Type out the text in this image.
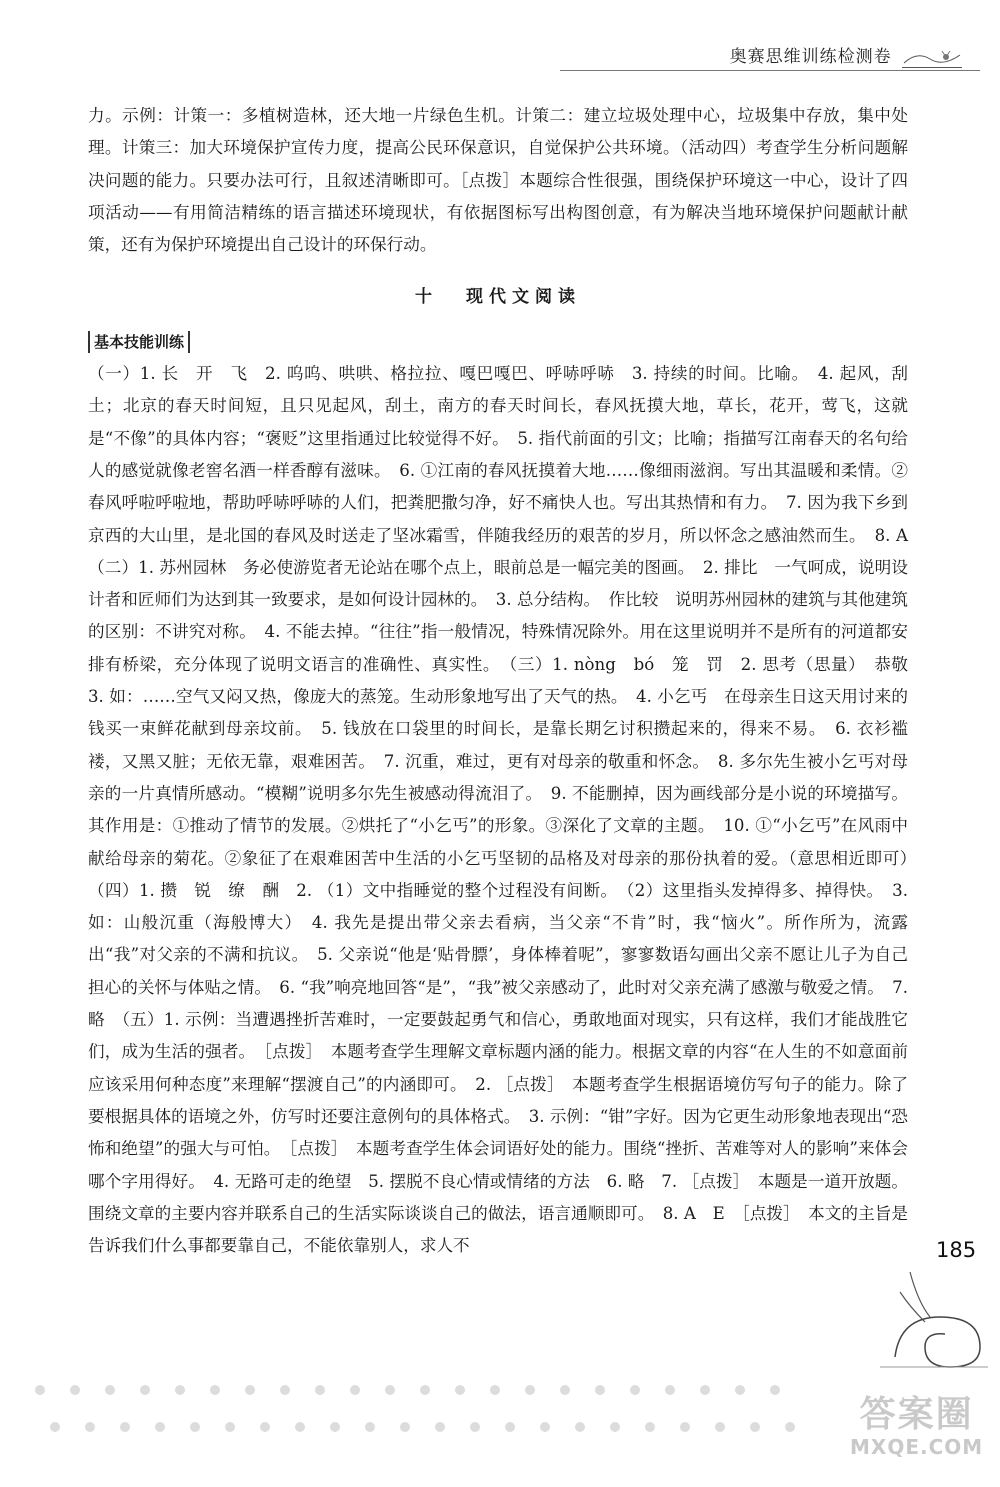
奥赛思维训练检测卷

力。示例：计策一：多植树造林，还大地一片绿色生机。计策二：建立垃圾处理中心，垃圾集中存放，集中处理。计策三：加大环境保护宣传力度，提高公民环保意识，自觉保护公共环境。（活动四）考查学生分析问题解决问题的能力。只要办法可行，且叙述清晰即可。［点拨］本题综合性很强，围绕保护环境这一中心，设计了四项活动——有用简洁精练的语言描述环境现状，有依据图标写出构图创意，有为解决当地环境保护问题献计献策，还有为保护环境提出自己设计的环保行动。

十 现代文阅读
基本技能训练

（一）1. 长　开　飞　2. 呜呜、哄哄、格拉拉、嘎巴嘎巴、呼哧呼哧　3. 持续的时间。比喻。　4. 起风，刮土；北京的春天时间短，且只见起风，刮土，南方的春天时间长，春风抚摸大地，草长，花开，莺飞，这就是“不像”的具体内容；“褒贬”这里指通过比较觉得不好。　5. 指代前面的引文；比喻；指描写江南春天的名句给人的感觉就像老窖名酒一样香醇有滋味。　6. ①江南的春风抚摸着大地……像细雨滋润。写出其温暖和柔情。②春风呼啦呼啦地，帮助呼哧呼哧的人们，把粪肥撒匀净，好不痛快人也。写出其热情和有力。　7. 因为我下乡到京西的大山里，是北国的春风及时送走了坚冰霜雪，伴随我经历的艰苦的岁月，所以怀念之感油然而生。　8. A　（二）1. 苏州园林　务必使游览者无论站在哪个点上，眼前总是一幅完美的图画。　2. 排比　一气呵成，说明设计者和匠师们为达到其一致要求，是如何设计园林的。　3. 总分结构。　作比较　说明苏州园林的建筑与其他建筑的区别：不讲究对称。　4. 不能去掉。“往往”指一般情况，特殊情况除外。用在这里说明并不是所有的河道都安排有桥梁，充分体现了说明文语言的准确性、真实性。　（三）1. nòng　bó　笼　罚　2. 思考（思量）　恭敬　3. 如：……空气又闷又热，像庞大的蒸笼。生动形象地写出了天气的热。　4. 小乞丐　在母亲生日这天用讨来的钱买一束鲜花献到母亲坟前。　5. 钱放在口袋里的时间长，是靠长期乞讨积攒起来的，得来不易。　6. 衣衫褴褛，又黑又脏；无依无靠，艰难困苦。　7. 沉重，难过，更有对母亲的敬重和怀念。　8. 多尔先生被小乞丐对母亲的一片真情所感动。“模糊”说明多尔先生被感动得流泪了。　9. 不能删掉，因为画线部分是小说的环境描写。其作用是：①推动了情节的发展。②烘托了“小乞丐”的形象。③深化了文章的主题。　10. ①“小乞丐”在风雨中献给母亲的菊花。②象征了在艰难困苦中生活的小乞丐坚韧的品格及对母亲的那份执着的爱。（意思相近即可）　（四）1. 攒　锐　缭　酬　2. （1）文中指睡觉的整个过程没有间断。　（2）这里指头发掉得多、掉得快。　3. 如：山般沉重（海般博大）　4. 我先是提出带父亲去看病，当父亲“不肯”时，我“恼火”。所作所为，流露出“我”对父亲的不满和抗议。　5. 父亲说“他是‘贴骨膘’，身体棒着呢”，寥寥数语勾画出父亲不愿让儿子为自己担心的关怀与体贴之情。　6. “我”响亮地回答“是”，“我”被父亲感动了，此时对父亲充满了感激与敬爱之情。　7. 略　（五）1. 示例：当遭遇挫折苦难时，一定要鼓起勇气和信心，勇敢地面对现实，只有这样，我们才能战胜它们，成为生活的强者。　［点拨］　本题考查学生理解文章标题内涵的能力。根据文章的内容“在人生的不如意面前应该采用何种态度”来理解“摆渡自己”的内涵即可。　2. ［点拨］　本题考查学生根据语境仿写句子的能力。除了要根据具体的语境之外，仿写时还要注意例句的具体格式。　3. 示例：“钳”字好。因为它更生动形象地表现出“恐怖和绝望”的强大与可怕。　［点拨］　本题考查学生体会词语好处的能力。围绕“挫折、苦难等对人的影响”来体会哪个字用得好。　4. 无路可走的绝望　5. 摆脱不良心情或情绪的方法　6. 略　7. ［点拨］　本题是一道开放题。围绕文章的主要内容并联系自己的生活实际谈谈自己的做法，语言通顺即可。　8. A　E　［点拨］　本文的主旨是告诉我们什么事都要靠自己，不能依靠别人，求人不	185
答案圈
MXQE.COM
